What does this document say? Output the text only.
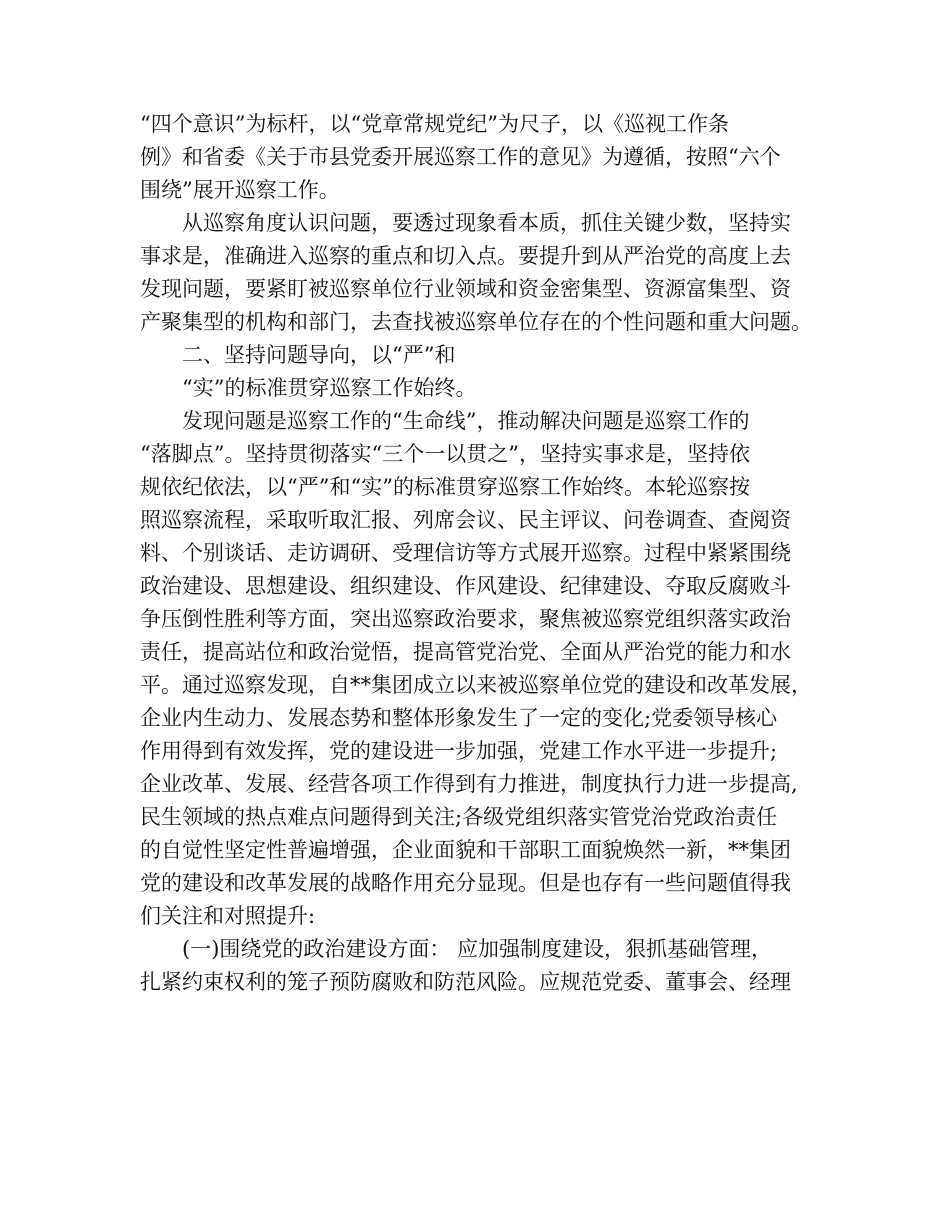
“四个意识”为标杆，以“党章常规党纪”为尺子，以《巡视工作条
例》和省委《关于市县党委开展巡察工作的意见》为遵循，按照“六个
围绕”展开巡察工作。
从巡察角度认识问题，要透过现象看本质，抓住关键少数，坚持实
事求是，准确进入巡察的重点和切入点。要提升到从严治党的高度上去
发现问题，要紧盯被巡察单位行业领域和资金密集型、资源富集型、资
产聚集型的机构和部门，去查找被巡察单位存在的个性问题和重大问题。
二、坚持问题导向，以“严”和
“实”的标准贯穿巡察工作始终。
发现问题是巡察工作的“生命线”，推动解决问题是巡察工作的
“落脚点”。坚持贯彻落实“三个一以贯之”，坚持实事求是，坚持依
规依纪依法，以“严”和“实”的标准贯穿巡察工作始终。本轮巡察按
照巡察流程，采取听取汇报、列席会议、民主评议、问卷调查、查阅资
料、个别谈话、走访调研、受理信访等方式展开巡察。过程中紧紧围绕
政治建设、思想建设、组织建设、作风建设、纪律建设、夺取反腐败斗
争压倒性胜利等方面，突出巡察政治要求，聚焦被巡察党组织落实政治
责任，提高站位和政治觉悟，提高管党治党、全面从严治党的能力和水
平。通过巡察发现，自**集团成立以来被巡察单位党的建设和改革发展，
企业内生动力、发展态势和整体形象发生了一定的变化;党委领导核心
作用得到有效发挥，党的建设进一步加强，党建工作水平进一步提升;
企业改革、发展、经营各项工作得到有力推进，制度执行力进一步提高,
民生领域的热点难点问题得到关注;各级党组织落实管党治党政治责任
的自觉性坚定性普遍增强，企业面貌和干部职工面貌焕然一新，**集团
党的建设和改革发展的战略作用充分显现。但是也存有一些问题值得我
们关注和对照提升:
(一)围绕党的政治建设方面： 应加强制度建设，狠抓基础管理，
扎紧约束权利的笼子预防腐败和防范风险。应规范党委、董事会、经理
